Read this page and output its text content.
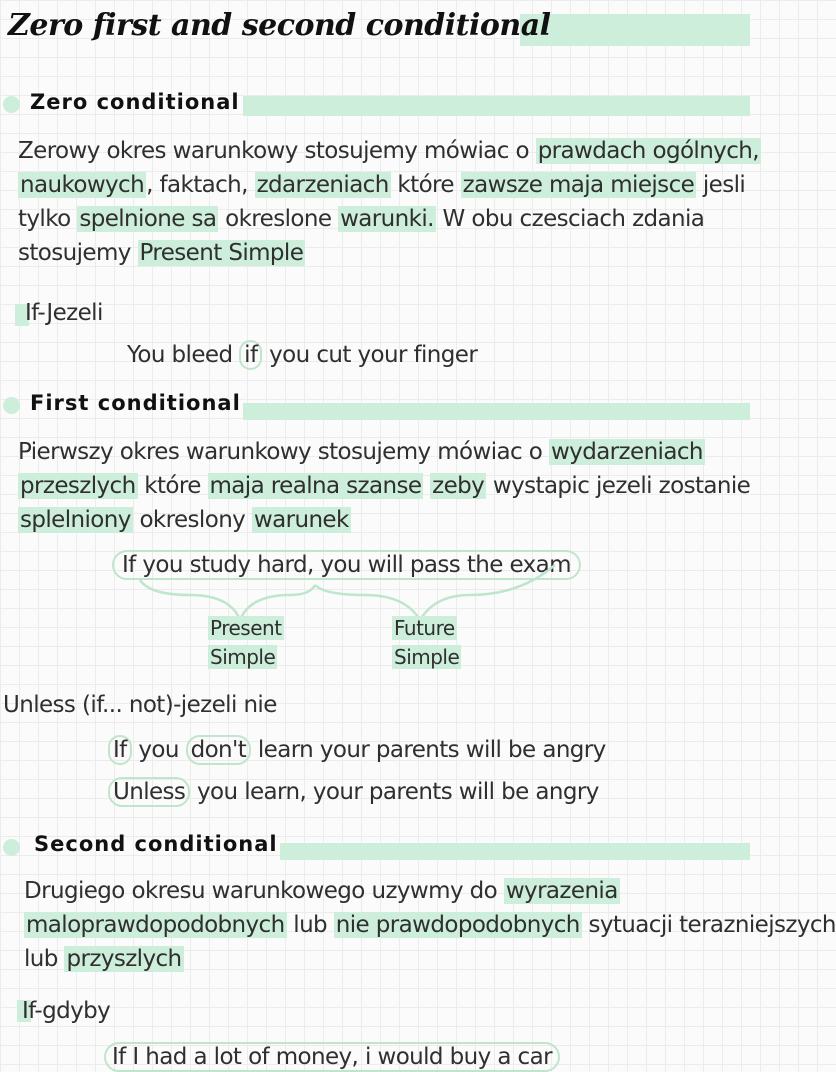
Zero first and second conditional
Zero conditional
Zerowy okres warunkowy stosujemy mówiac o prawdach ogólnych,
naukowych, faktach, zdarzeniach które zawsze maja miejsce jesli
tylko spelnione sa okreslone warunki. W obu czesciach zdania
stosujemy Present Simple
If-Jezeli
You bleed if you cut your finger
First conditional
Pierwszy okres warunkowy stosujemy mówiac o wydarzeniach
przeszlych które maja realna szanse zeby wystapic jezeli zostanie
splelniony okreslony warunek
If you study hard, you will pass the exam
Present
Simple
Future
Simple
Unless (if... not)-jezeli nie
If you don't learn your parents will be angry
Unless you learn, your parents will be angry
Second conditional
Drugiego okresu warunkowego uzywmy do wyrazenia
maloprawdopodobnych lub nie prawdopodobnych sytuacji terazniejszych
lub przyszlych
If-gdyby
If I had a lot of money, i would buy a car
